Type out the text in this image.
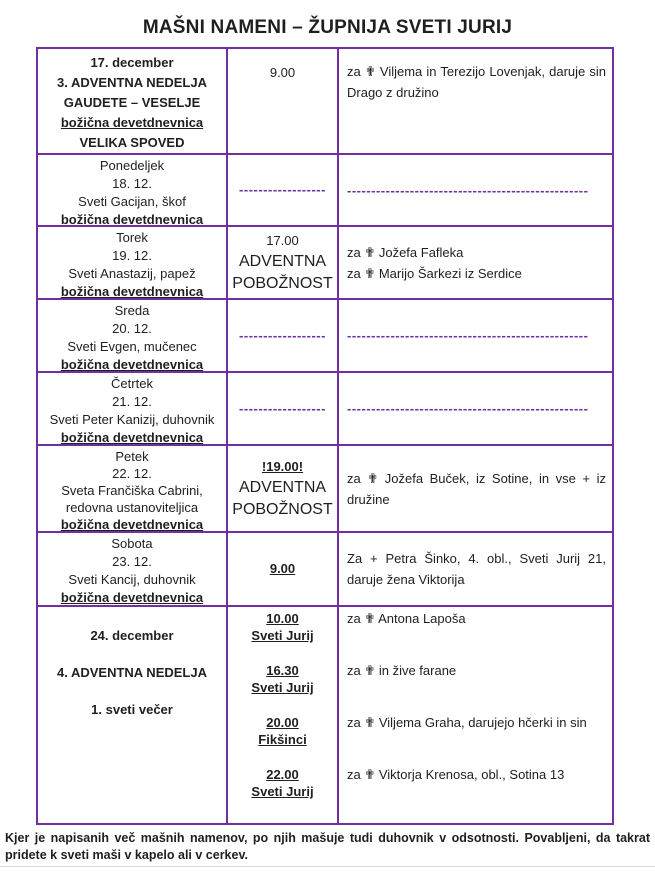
MAŠNI NAMENI – ŽUPNIJA SVETI JURIJ
17. december
3. ADVENTNA NEDELJA
GAUDETE – VESELJE
božična devetdnevnica
VELIKA SPOVED
9.00	za ✟ Viljema in Terezijo Lovenjak, daruje sin Drago z družino
Ponedeljek
18. 12.
Sveti Gacijan, škof
božična devetdnevnica
------------------ --------------------------------------------------
Torek
19. 12.
Sveti Anastazij, papež
božična devetdnevnica
17.00
ADVENTNA
POBOŽNOST
za ✟ Jožefa Fafleka
za ✟ Marijo Šarkezi iz Serdice
Sreda
20. 12.
Sveti Evgen, mučenec
božična devetdnevnica
------------------ --------------------------------------------------
Četrtek
21. 12.
Sveti Peter Kanizij, duhovnik
božična devetdnevnica
------------------ --------------------------------------------------
Petek
22. 12.
Sveta Frančiška Cabrini,
redovna ustanoviteljica
božična devetdnevnica
!19.00!
ADVENTNA
POBOŽNOST
za ✟ Jožefa Buček, iz Sotine, in vse + iz družine
Sobota
23. 12.
Sveti Kancij, duhovnik
božična devetdnevnica
9.00
Za + Petra Šinko, 4. obl., Sveti Jurij 21, daruje žena Viktorija
24. december
4. ADVENTNA NEDELJA
1. sveti večer
10.00
Sveti Jurij
16.30
Sveti Jurij
20.00
Fikšinci
22.00
Sveti Jurij
za ✟ Antona Lapoša
za ✟ in žive farane
za ✟ Viljema Graha, darujejo hčerki in sin
za ✟ Viktorja Krenosa, obl., Sotina 13
Kjer je napisanih več mašnih namenov, po njih mašuje tudi duhovnik v odsotnosti. Povabljeni, da takrat pridete k sveti maši v kapelo ali v cerkev.
